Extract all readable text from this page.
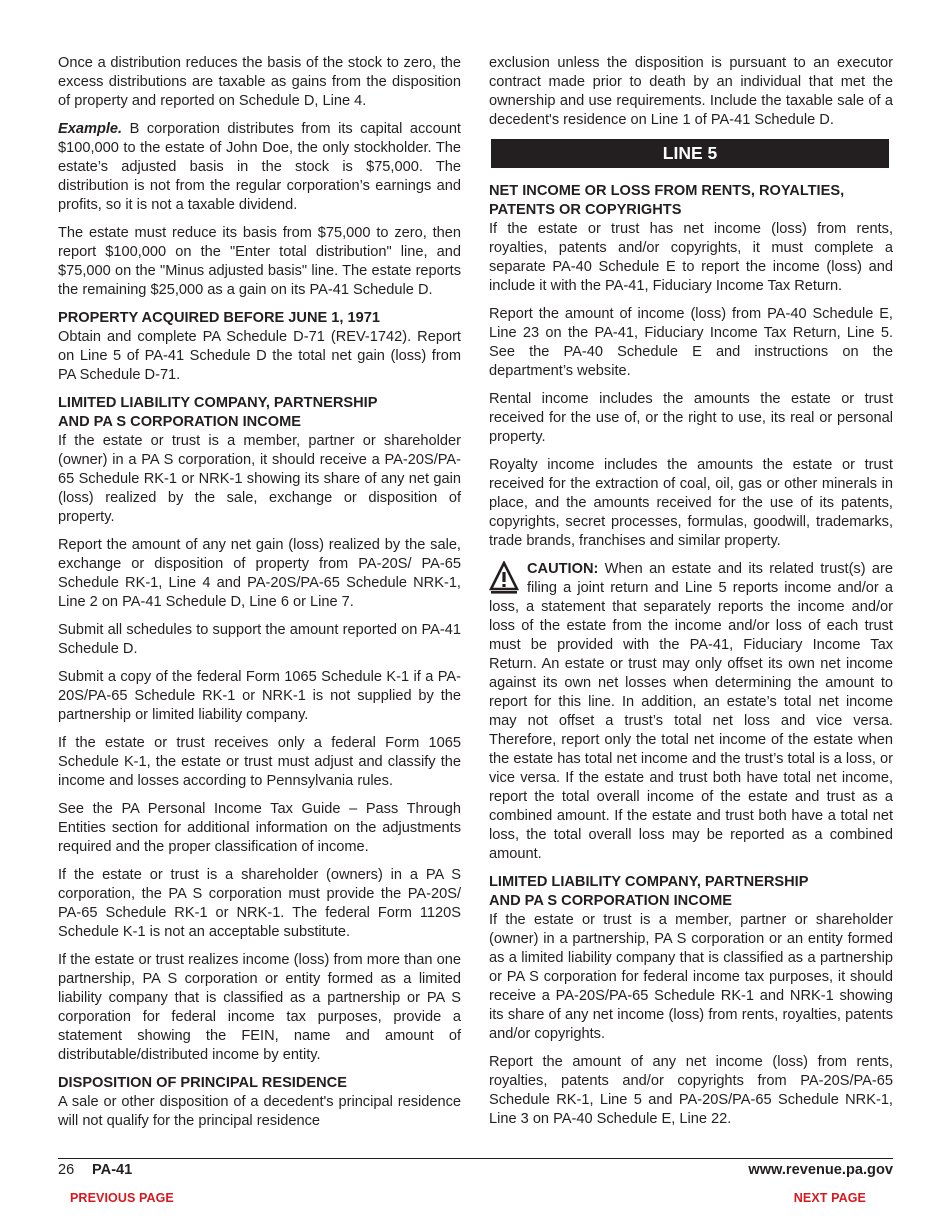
Once a distribution reduces the basis of the stock to zero, the excess distributions are taxable as gains from the disposition of property and reported on Schedule D, Line 4.

Example. B corporation distributes from its capital account $100,000 to the estate of John Doe, the only stockholder. The estate’s adjusted basis in the stock is $75,000. The distribution is not from the regular corporation’s earnings and profits, so it is not a taxable dividend.

The estate must reduce its basis from $75,000 to zero, then report $100,000 on the "Enter total distribution" line, and $75,000 on the "Minus adjusted basis" line. The estate reports the remaining $25,000 as a gain on its PA-41 Schedule D.

PROPERTY ACQUIRED BEFORE JUNE 1, 1971

Obtain and complete PA Schedule D-71 (REV-1742). Report on Line 5 of PA-41 Schedule D the total net gain (loss) from PA Schedule D-71.

LIMITED LIABILITY COMPANY, PARTNERSHIP
AND PA S CORPORATION INCOME

If the estate or trust is a member, partner or shareholder (owner) in a PA S corporation, it should receive a PA-20S/PA-65 Schedule RK-1 or NRK-1 showing its share of any net gain (loss) realized by the sale, exchange or disposition of property.

Report the amount of any net gain (loss) realized by the sale, exchange or disposition of property from PA-20S/ PA-65 Schedule RK-1, Line 4 and PA-20S/PA-65 Schedule NRK-1, Line 2 on PA-41 Schedule D, Line 6 or Line 7.

Submit all schedules to support the amount reported on PA-41 Schedule D.

Submit a copy of the federal Form 1065 Schedule K-1 if a PA-20S/PA-65 Schedule RK-1 or NRK-1 is not supplied by the partnership or limited liability company.

If the estate or trust receives only a federal Form 1065 Schedule K-1, the estate or trust must adjust and classify the income and losses according to Pennsylvania rules.

See the PA Personal Income Tax Guide – Pass Through Entities section for additional information on the adjustments required and the proper classification of income.

If the estate or trust is a shareholder (owners) in a PA S corporation, the PA S corporation must provide the PA-20S/ PA-65 Schedule RK-1 or NRK-1. The federal Form 1120S Schedule K-1 is not an acceptable substitute.

If the estate or trust realizes income (loss) from more than one partnership, PA S corporation or entity formed as a limited liability company that is classified as a partnership or PA S corporation for federal income tax purposes, provide a statement showing the FEIN, name and amount of distributable/distributed income by entity.

DISPOSITION OF PRINCIPAL RESIDENCE

A sale or other disposition of a decedent's principal residence will not qualify for the principal residence

exclusion unless the disposition is pursuant to an executor contract made prior to death by an individual that met the ownership and use requirements. Include the taxable sale of a decedent's residence on Line 1 of PA-41 Schedule D.

LINE 5
NET INCOME OR LOSS FROM RENTS, ROYALTIES,
PATENTS OR COPYRIGHTS

If the estate or trust has net income (loss) from rents, royalties, patents and/or copyrights, it must complete a separate PA-40 Schedule E to report the income (loss) and include it with the PA-41, Fiduciary Income Tax Return.

Report the amount of income (loss) from PA-40 Schedule E, Line 23 on the PA-41, Fiduciary Income Tax Return, Line 5. See the PA-40 Schedule E and instructions on the department’s website.

Rental income includes the amounts the estate or trust received for the use of, or the right to use, its real or personal property.

Royalty income includes the amounts the estate or trust received for the extraction of coal, oil, gas or other minerals in place, and the amounts received for the use of its patents, copyrights, secret processes, formulas, goodwill, trademarks, trade brands, franchises and similar property.

CAUTION: When an estate and its related trust(s) are filing a joint return and Line 5 reports income and/or a loss, a statement that separately reports the income and/or loss of the estate from the income and/or loss of each trust must be provided with the PA-41, Fiduciary Income Tax Return. An estate or trust may only offset its own net income against its own net losses when determining the amount to report for this line. In addition, an estate’s total net income may not offset a trust’s total net loss and vice versa. Therefore, report only the total net income of the estate when the estate has total net income and the trust’s total is a loss, or vice versa. If the estate and trust both have total net income, report the total overall income of the estate and trust as a combined amount. If the estate and trust both have a total net loss, the total overall loss may be reported as a combined amount.

LIMITED LIABILITY COMPANY, PARTNERSHIP
AND PA S CORPORATION INCOME

If the estate or trust is a member, partner or shareholder (owner) in a partnership, PA S corporation or an entity formed as a limited liability company that is classified as a partnership or PA S corporation for federal income tax purposes, it should receive a PA-20S/PA-65 Schedule RK-1 and NRK-1 showing its share of any net income (loss) from rents, royalties, patents and/or copyrights.

Report the amount of any net income (loss) from rents, royalties, patents and/or copyrights from PA-20S/PA-65 Schedule RK-1, Line 5 and PA-20S/PA-65 Schedule NRK-1, Line 3 on PA-40 Schedule E, Line 22.

26 PA-41	www.revenue.pa.gov
PREVIOUS PAGE	NEXT PAGE
